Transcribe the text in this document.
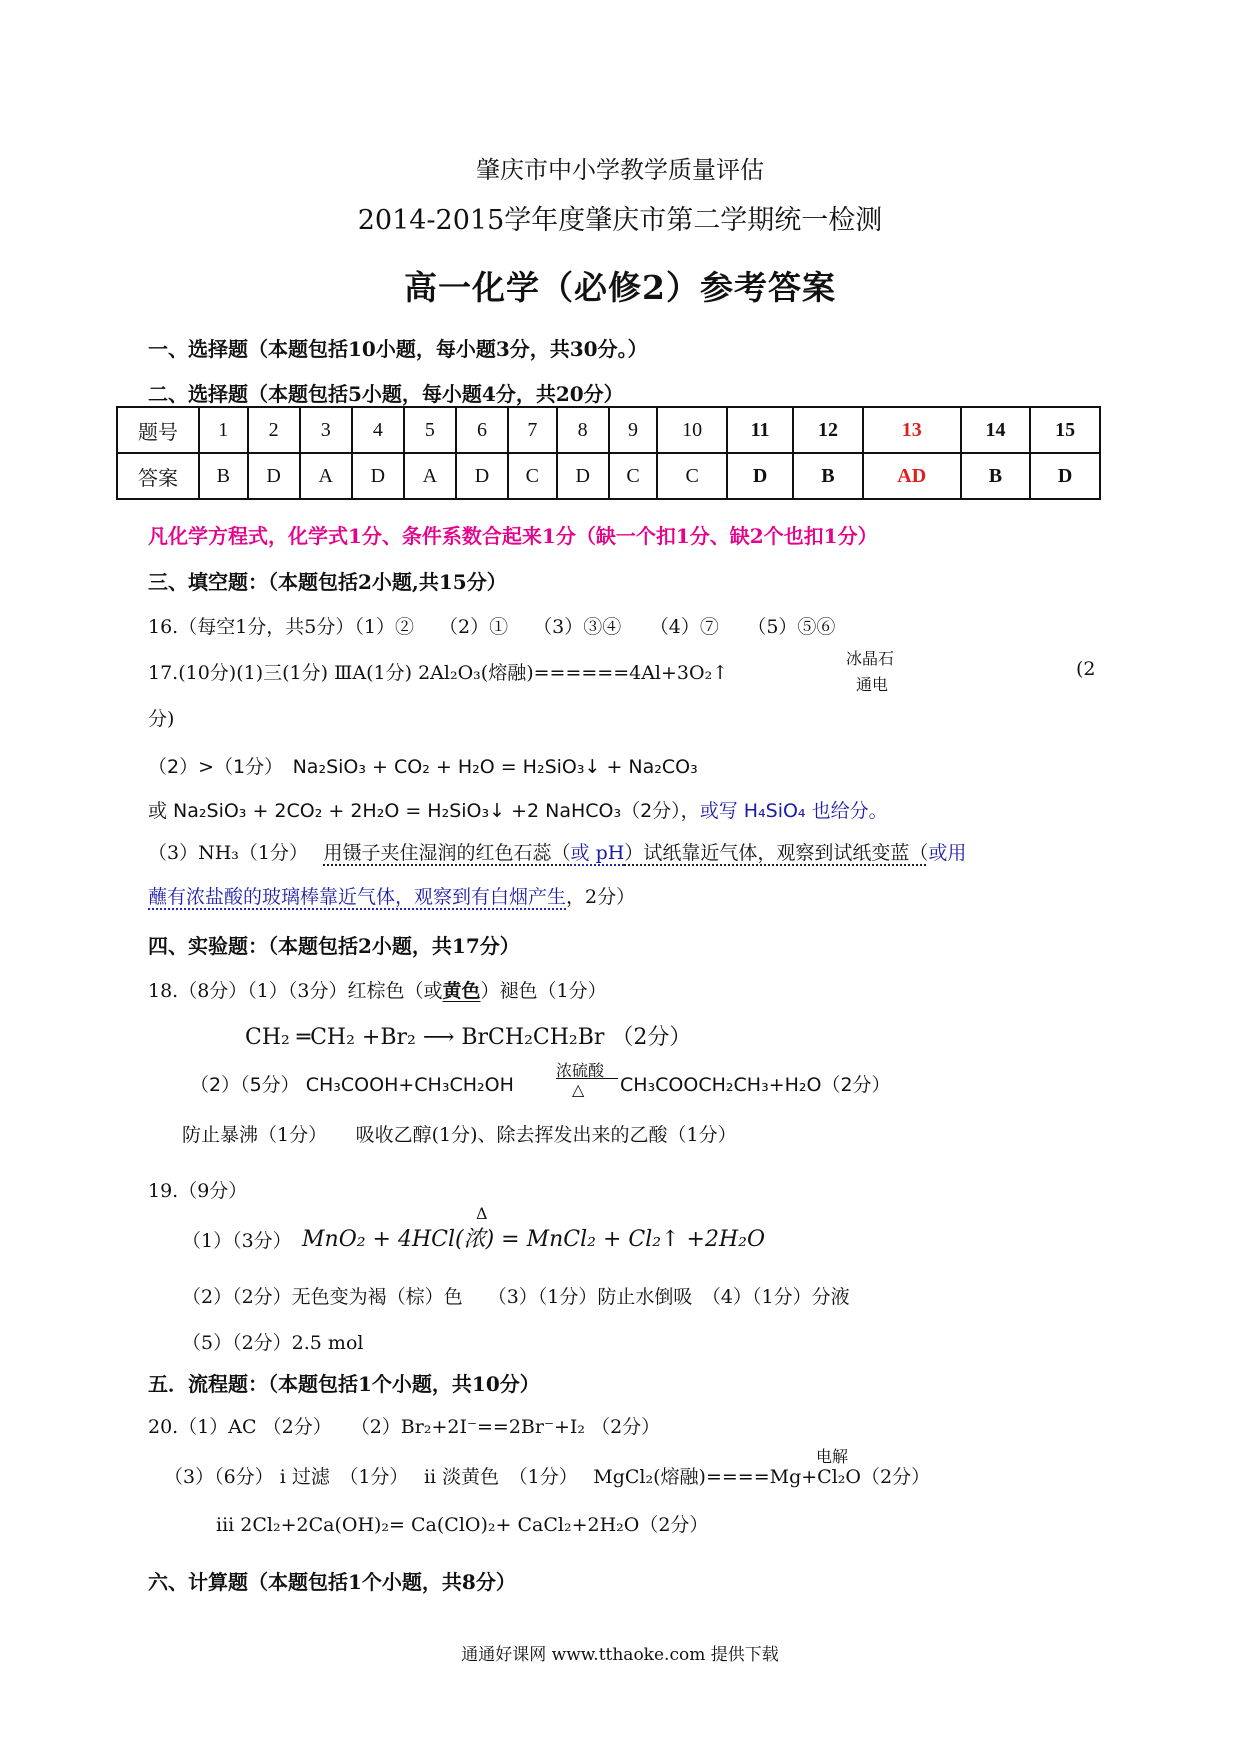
肇庆市中小学教学质量评估
2014-2015学年度肇庆市第二学期统一检测
高一化学（必修2）参考答案
一、选择题（本题包括10小题，每小题3分，共30分。）
二、选择题（本题包括5小题，每小题4分，共20分）
题号	1	2	3	4	5	6	7	8	9	10	11	12	13	14	15
答案	B	D	A	D	A	D	C	D	C	C	D	B	AD	B	D
凡化学方程式，化学式1分、条件系数合起来1分（缺一个扣1分、缺2个也扣1分）
三、填空题：（本题包括2小题,共15分）
16.（每空1分，共5分）（1）②　 （2）①　 （3）③④　　（4）⑦　　（5）⑤⑥
17.(10分)(1)三(1分) ⅢA(1分) 2Al₂O₃(熔融)======4Al+3O₂↑
冰晶石
通电
(2
分)
（2）>（1分）　Na₂SiO₃ + CO₂ + H₂O = H₂SiO₃↓ + Na₂CO₃
或 Na₂SiO₃ + 2CO₂ + 2H₂O = H₂SiO₃↓ +2 NaHCO₃（2分），或写 H₄SiO₄ 也给分。
（3）NH₃（1分）　 用镊子夹住湿润的红色石蕊（或 pH）试纸靠近气体，观察到试纸变蓝（或用
蘸有浓盐酸的玻璃棒靠近气体，观察到有白烟产生，2分）
四、实验题：（本题包括2小题，共17分）
18.（8分）（1）（3分）红棕色（或黄色）褪色（1分）
CH₂ ═CH₂ +Br₂ ⟶ BrCH₂CH₂Br （2分）
（2）（5分） CH₃COOH+CH₃CH₂OH
浓硫酸
△ CH₃COOCH₂CH₃+H₂O（2分）
防止暴沸（1分）　　吸收乙醇(1分)、除去挥发出来的乙酸（1分）
19.（9分）
（1）（3分）
Δ
MnO₂ + 4HCl(浓) = MnCl₂ + Cl₂↑ +2H₂O
（2）（2分）无色变为褐（棕）色　 （3）（1分）防止水倒吸　（4）（1分）分液
（5）（2分）2.5 mol
五．流程题：（本题包括1个小题，共10分）
20.（1）AC （2分）　　（2）Br₂+2I⁻==2Br⁻+I₂ （2分）
电解
（3）（6分） i 过滤　（1分）　 ii 淡黄色　（1分）　 MgCl₂(熔融)====Mg+Cl₂O（2分）
iii 2Cl₂+2Ca(OH)₂= Ca(ClO)₂+ CaCl₂+2H₂O（2分）
六、计算题（本题包括1个小题，共8分）
通通好课网 www.tthaoke.com 提供下载
